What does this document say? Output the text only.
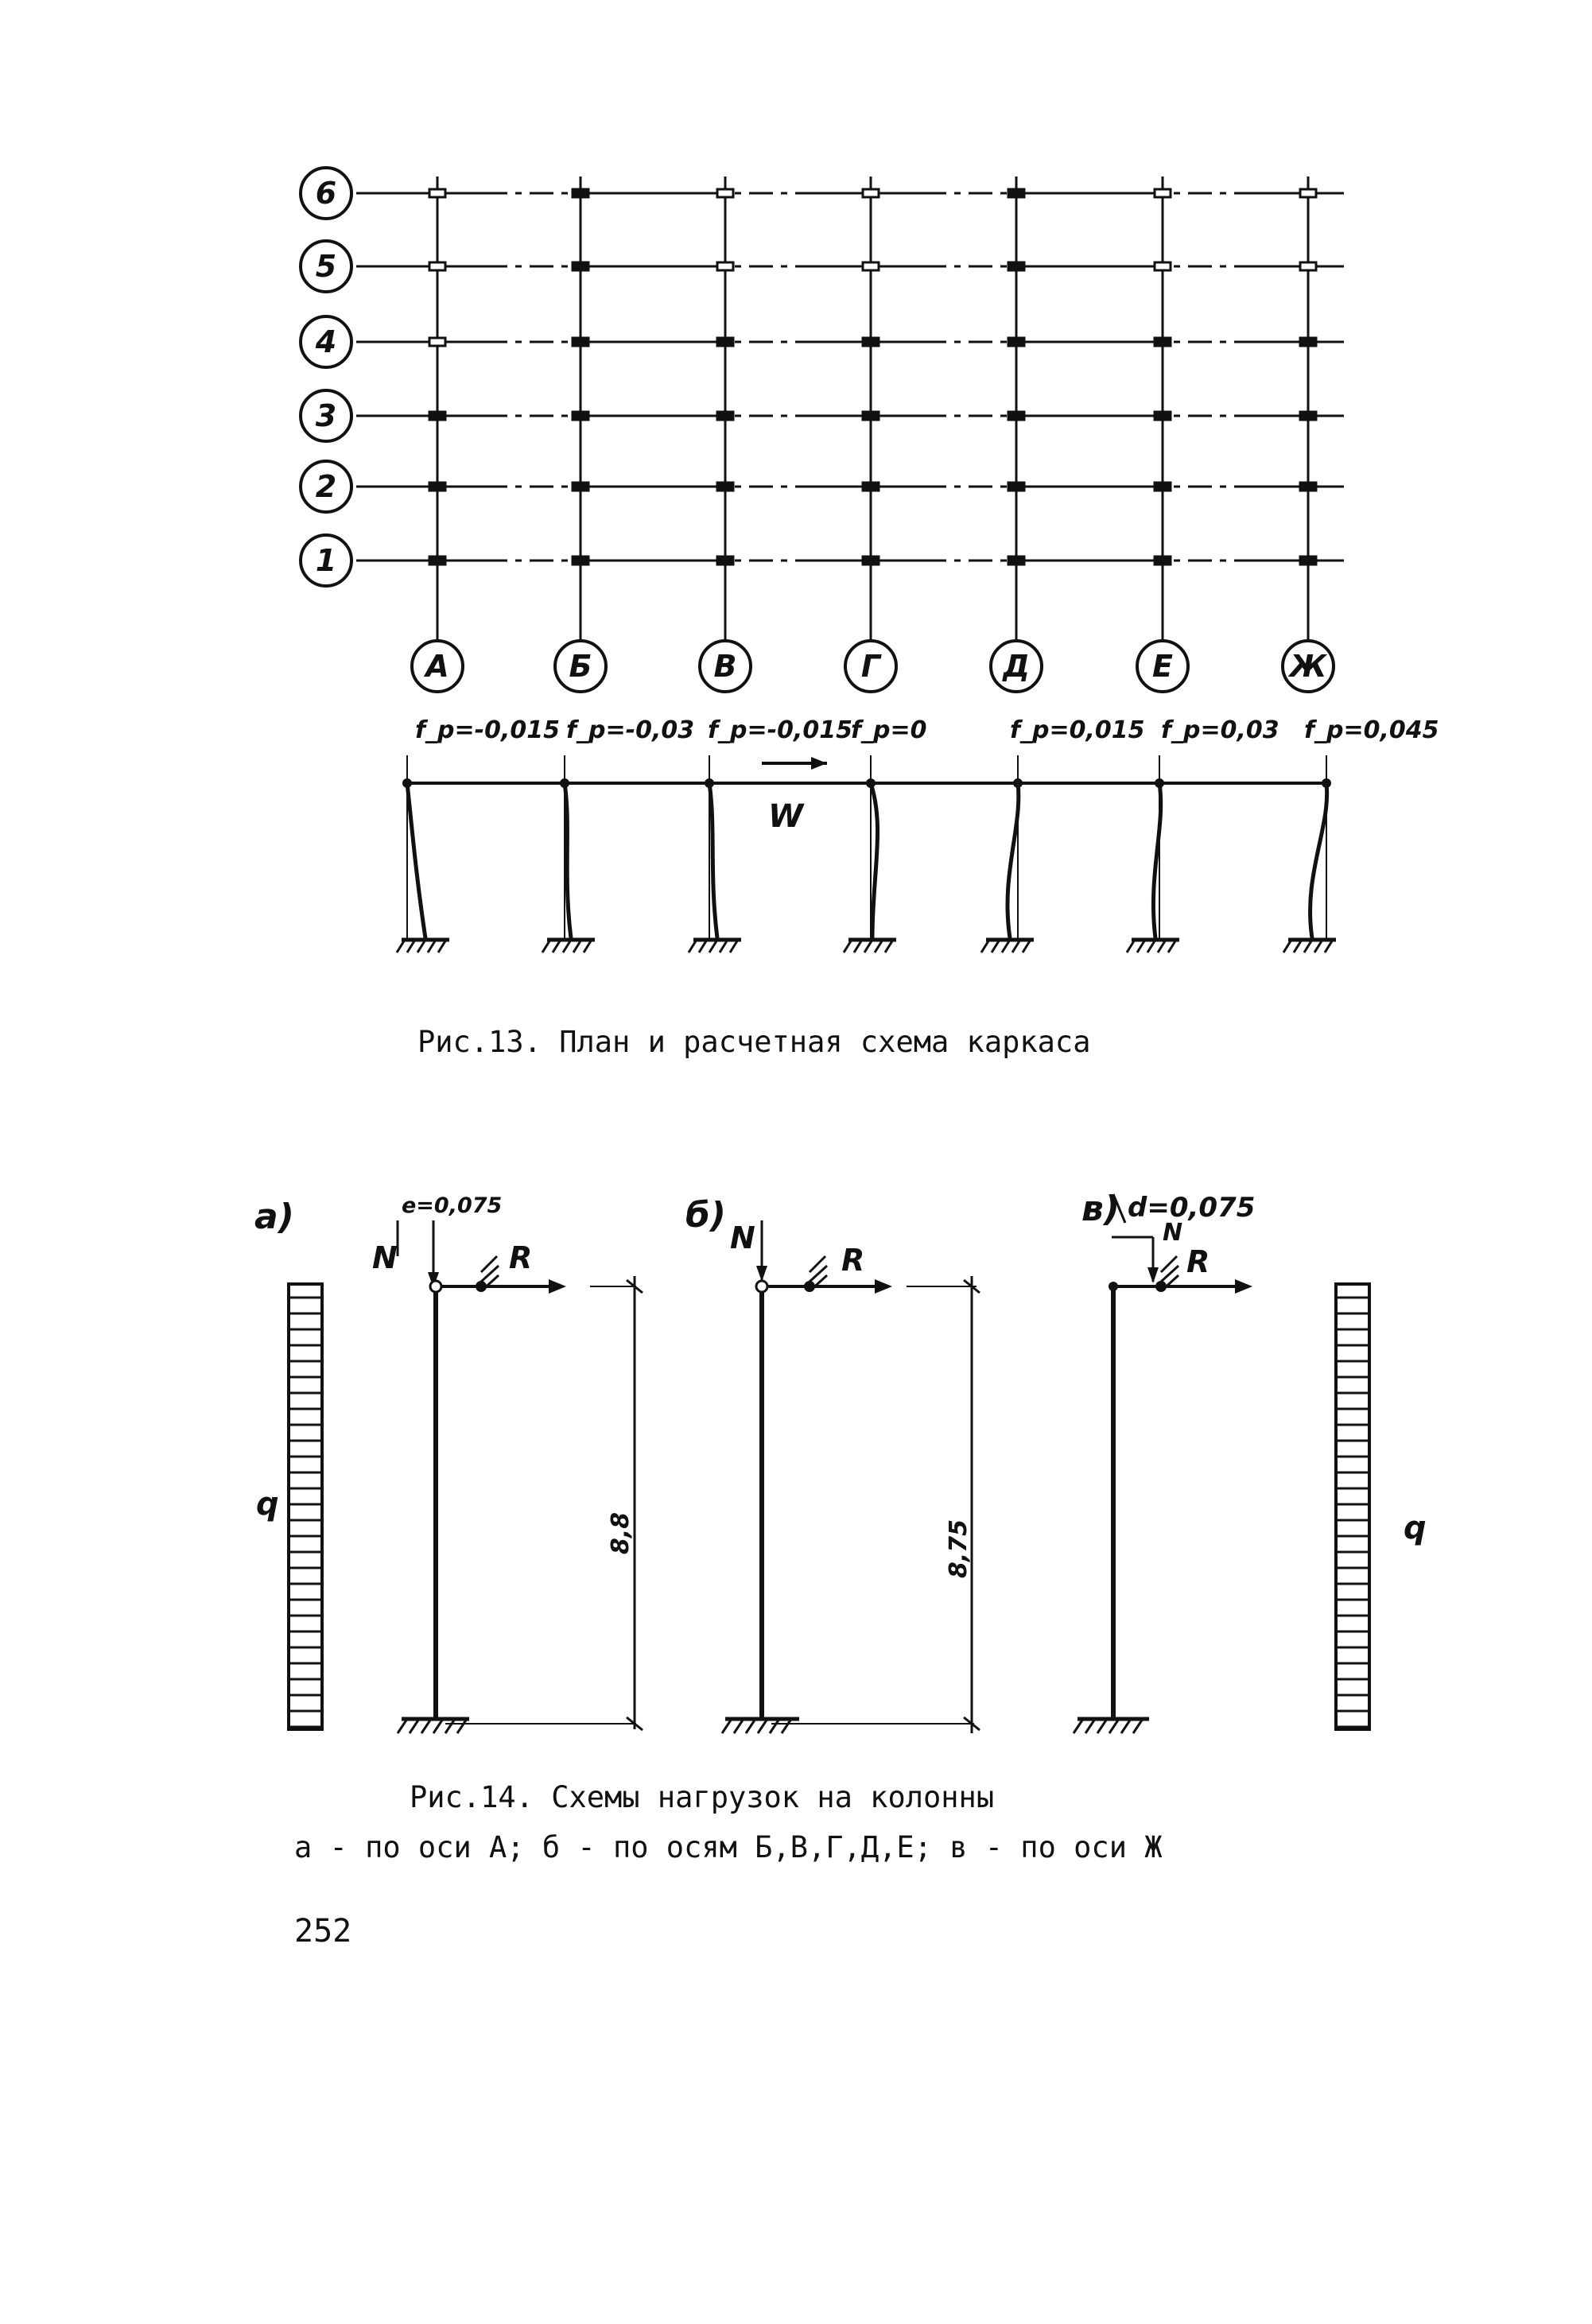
6
5
4
3
2
1
А	Б	В	Г	Д	Е	Ж
f_p=-0,015 f_p=-0,03 f_p=-0,015
f_p=0	f_p=0,015 f_p=0,03 f_p=0,045
W
Рис.13. План и расчетная схема каркаса
q
q
а)	e=0,075
N	R
8,8
б)
N
R
8,75
в) d=0,075
N
R
Рис.14. Схемы нагрузок на колонны
а - по оси А; б - по осям Б,В,Г,Д,Е; в - по оси Ж
252
